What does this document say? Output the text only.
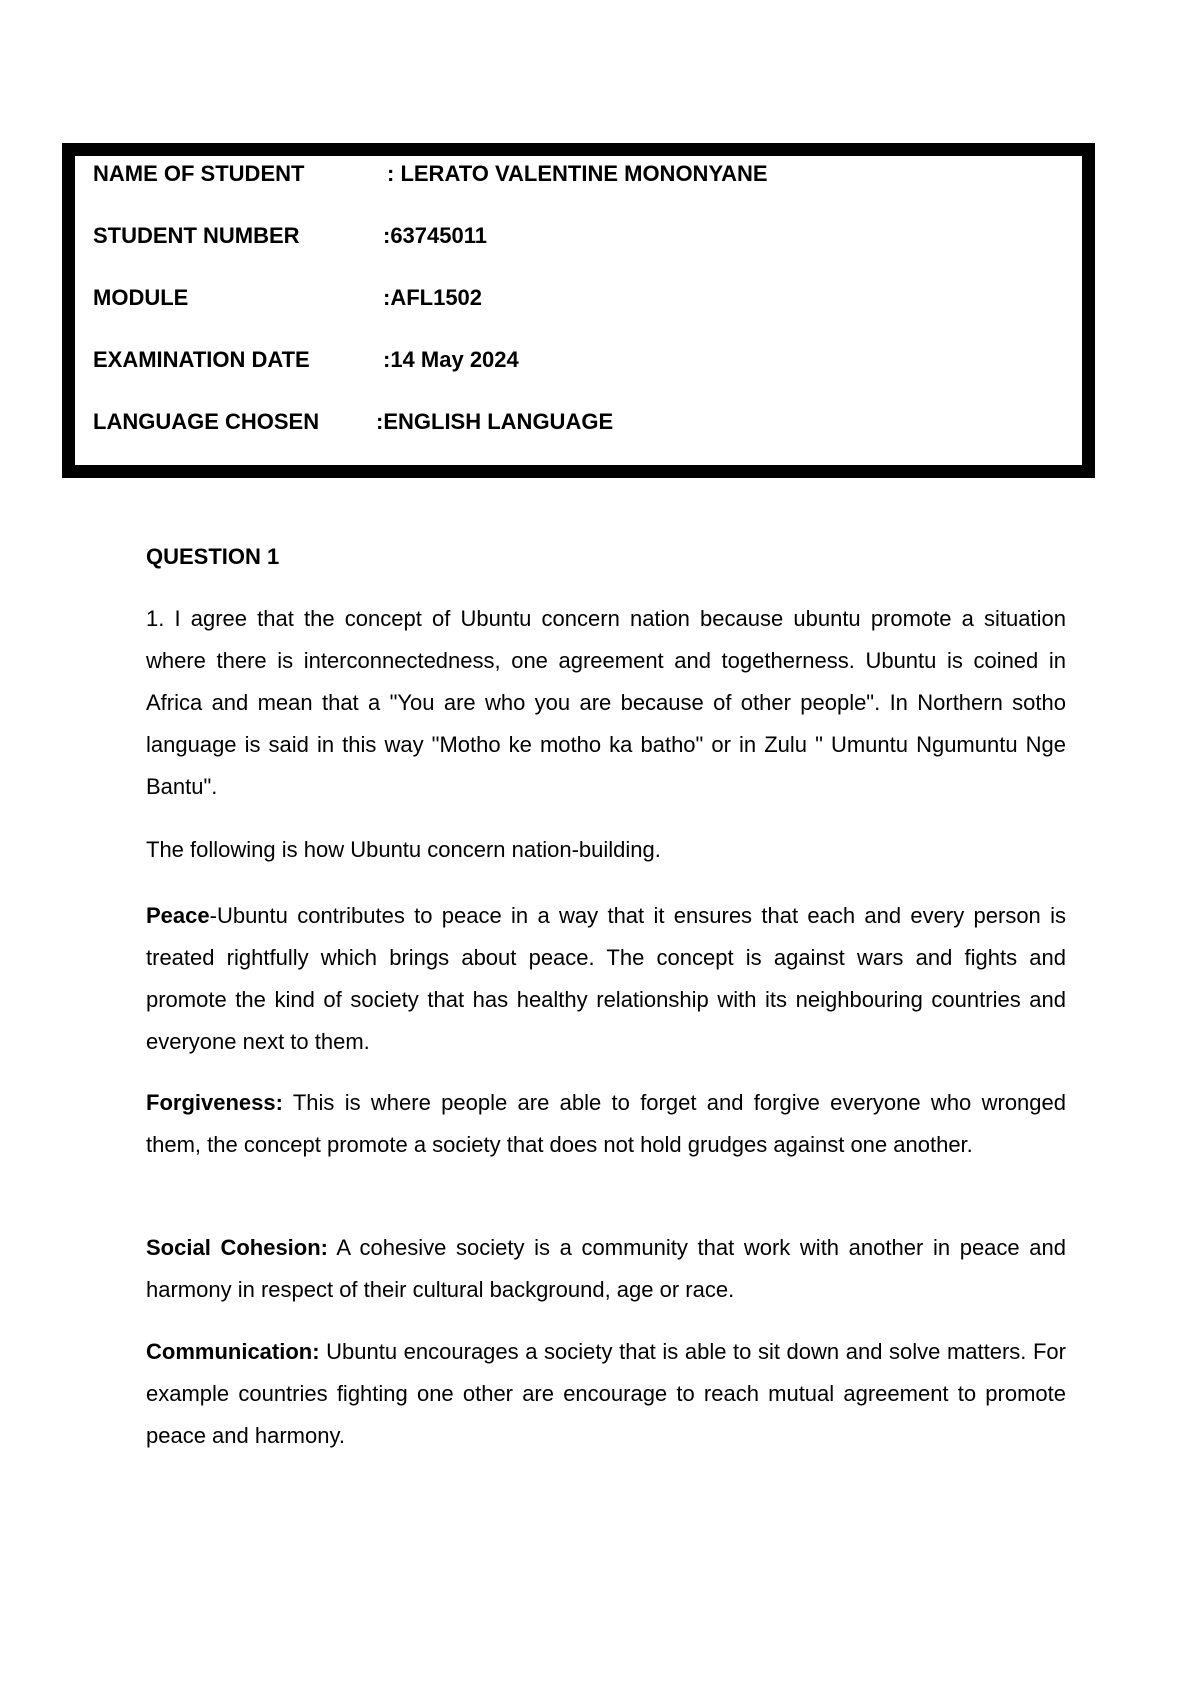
NAME OF STUDENT	: LERATO VALENTINE MONONYANE
STUDENT NUMBER	:63745011
MODULE	:AFL1502
EXAMINATION DATE	:14 May 2024
LANGUAGE CHOSEN	:ENGLISH LANGUAGE
QUESTION 1

1. I agree that the concept of Ubuntu concern nation because ubuntu promote a situation where there is interconnectedness, one agreement and togetherness. Ubuntu is coined in Africa and mean that a "You are who you are because of other people". In Northern sotho language is said in this way "Motho ke motho ka batho" or in Zulu " Umuntu Ngumuntu Nge Bantu".

The following is how Ubuntu concern nation-building.

Peace-Ubuntu contributes to peace in a way that it ensures that each and every person is treated rightfully which brings about peace. The concept is against wars and fights and promote the kind of society that has healthy relationship with its neighbouring countries and everyone next to them.

Forgiveness: This is where people are able to forget and forgive everyone who wronged them, the concept promote a society that does not hold grudges against one another.

Social Cohesion: A cohesive society is a community that work with another in peace and harmony in respect of their cultural background, age or race.

Communication: Ubuntu encourages a society that is able to sit down and solve matters. For example countries fighting one other are encourage to reach mutual agreement to promote peace and harmony.
